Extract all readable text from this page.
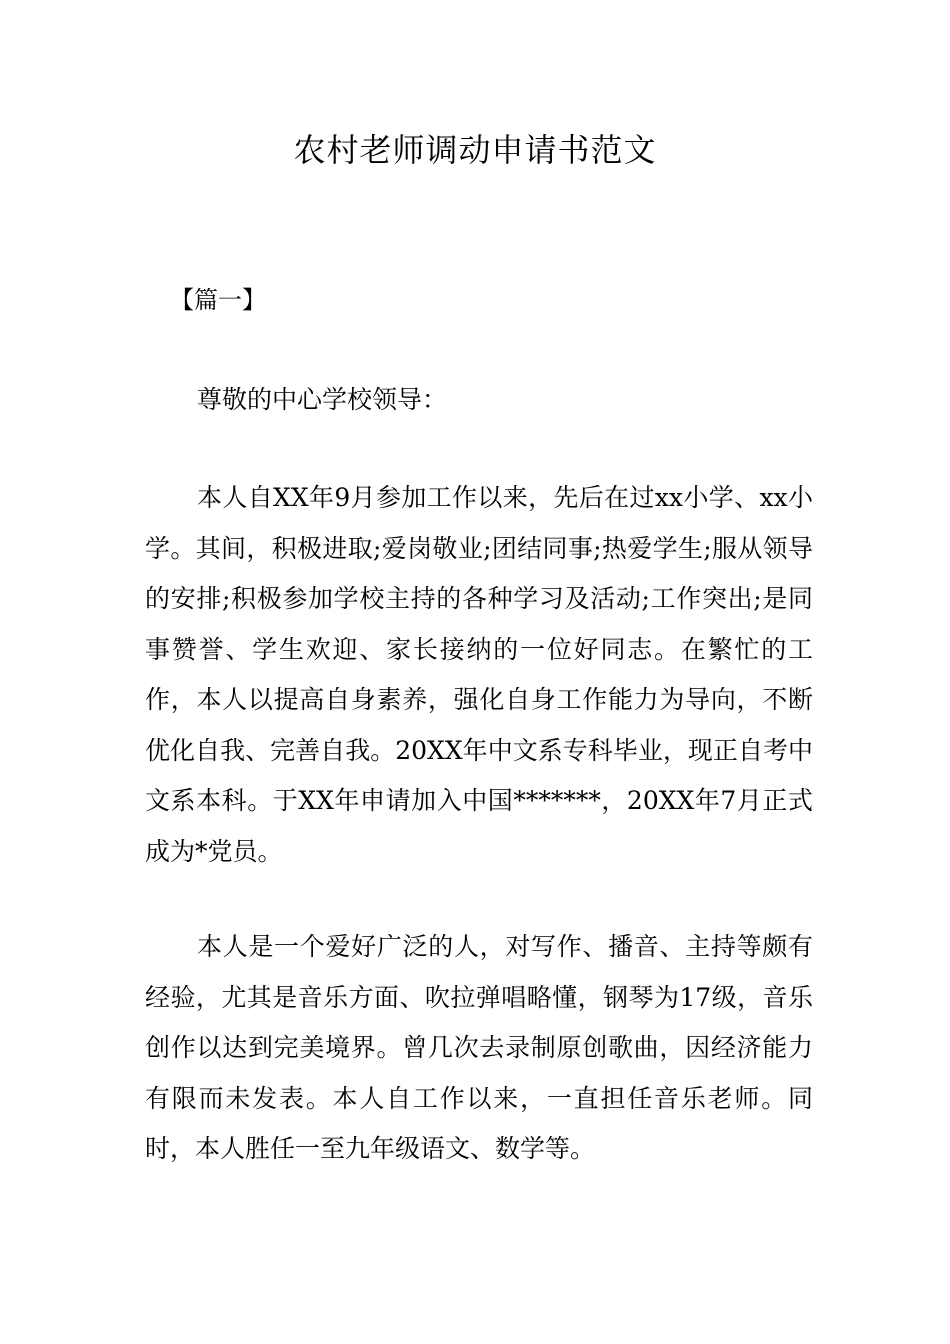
农村老师调动申请书范文
【篇一】

尊敬的中心学校领导：

本人自XX年9月参加工作以来，先后在过xx小学、xx小学。其间，积极进取;爱岗敬业;团结同事;热爱学生;服从领导的安排;积极参加学校主持的各种学习及活动;工作突出;是同事赞誉、学生欢迎、家长接纳的一位好同志。在繁忙的工作，本人以提高自身素养，强化自身工作能力为导向，不断优化自我、完善自我。20XX年中文系专科毕业，现正自考中文系本科。于XX年申请加入中国*******，20XX年7月正式成为*党员。

本人是一个爱好广泛的人，对写作、播音、主持等颇有经验，尤其是音乐方面、吹拉弹唱略懂，钢琴为17级，音乐创作以达到完美境界。曾几次去录制原创歌曲，因经济能力有限而未发表。本人自工作以来，一直担任音乐老师。同时，本人胜任一至九年级语文、数学等。
